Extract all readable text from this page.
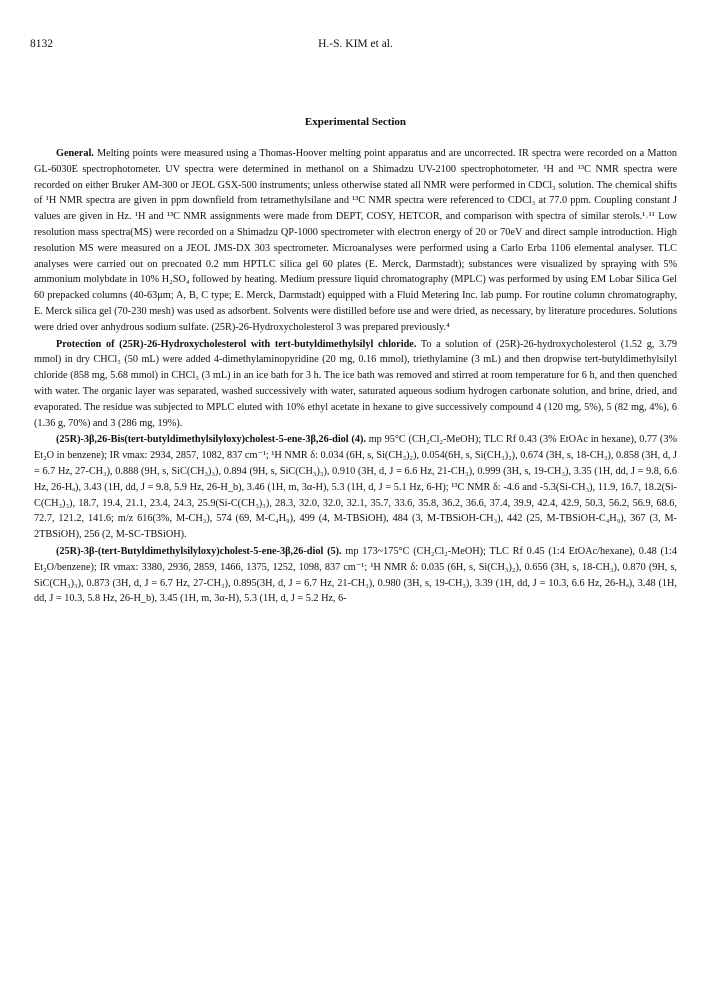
8132	H.-S. KIM et al.
Experimental Section

General. Melting points were measured using a Thomas-Hoover melting point apparatus and are uncorrected. IR spectra were recorded on a Matton GL-6030E spectrophotometer. UV spectra were determined in methanol on a Shimadzu UV-2100 spectrophotometer. ¹H and ¹³C NMR spectra were recorded on either Bruker AM-300 or JEOL GSX-500 instruments; unless otherwise stated all NMR were performed in CDCl₃ solution. The chemical shifts of ¹H NMR spectra are given in ppm downfield from tetramethylsilane and ¹³C NMR spectra were referenced to CDCl₃ at 77.0 ppm. Coupling constant J values are given in Hz. ¹H and ¹³C NMR assignments were made from DEPT, COSY, HETCOR, and comparison with spectra of similar sterols.¹˒¹¹ Low resolution mass spectra(MS) were recorded on a Shimadzu QP-1000 spectrometer with electron energy of 20 or 70eV and direct sample introduction. High resolution MS were measured on a JEOL JMS-DX 303 spectrometer. Microanalyses were performed using a Carlo Erba 1106 elemental analyser. TLC analyses were carried out on precoated 0.2 mm HPTLC silica gel 60 plates (E. Merck, Darmstadt); substances were visualized by spraying with 5% ammonium molybdate in 10% H₂SO₄ followed by heating. Medium pressure liquid chromatography (MPLC) was performed by using EM Lobar Silica Gel 60 prepacked columns (40-63μm; A, B, C type; E. Merck, Darmstadt) equipped with a Fluid Metering Inc. lab pump. For routine column chromatography, E. Merck silica gel (70-230 mesh) was used as adsorbent. Solvents were distilled before use and were dried, as necessary, by literature procedures. Solutions were dried over anhydrous sodium sulfate. (25R)-26-Hydroxycholesterol 3 was prepared previously.⁴

Protection of (25R)-26-Hydroxycholesterol with tert-butyldimethylsilyl chloride. To a solution of (25R)-26-hydroxycholesterol (1.52 g, 3.79 mmol) in dry CHCl₃ (50 mL) were added 4-dimethylaminopyridine (20 mg, 0.16 mmol), triethylamine (3 mL) and then dropwise tert-butyldimethylsilyl chloride (858 mg, 5.68 mmol) in CHCl₃ (3 mL) in an ice bath for 3 h. The ice bath was removed and stirred at room temperature for 6 h, and then quenched with water. The organic layer was separated, washed successively with water, saturated aqueous sodium hydrogen carbonate solution, and brine, dried, and evaporated. The residue was subjected to MPLC eluted with 10% ethyl acetate in hexane to give successively compound 4 (120 mg, 5%), 5 (82 mg, 4%), 6 (1.36 g, 70%) and 3 (286 mg, 19%).

(25R)-3β,26-Bis(tert-butyldimethylsilyloxy)cholest-5-ene-3β,26-diol (4). mp 95°C (CH₂Cl₂-MeOH); TLC Rf 0.43 (3% EtOAc in hexane), 0.77 (3% Et₂O in benzene); IR νmax: 2934, 2857, 1082, 837 cm⁻¹; ¹H NMR δ: 0.034 (6H, s, Si(CH₃)₂), 0.054(6H, s, Si(CH₃)₂), 0.674 (3H, s, 18-CH₃), 0.858 (3H, d, J = 6.7 Hz, 27-CH₃), 0.888 (9H, s, SiC(CH₃)₃), 0.894 (9H, s, SiC(CH₃)₃), 0.910 (3H, d, J = 6.6 Hz, 21-CH₃), 0.999 (3H, s, 19-CH₃), 3.35 (1H, dd, J = 9.8, 6.6 Hz, 26-Hₐ), 3.43 (1H, dd, J = 9.8, 5.9 Hz, 26-H_b), 3.46 (1H, m, 3α-H), 5.3 (1H, d, J = 5.1 Hz, 6-H); ¹³C NMR δ: -4.6 and -5.3(Si-CH₃), 11.9, 16.7, 18.2(Si-C(CH₃)₃), 18.7, 19.4, 21.1, 23.4, 24.3, 25.9(Si-C(CH₃)₃), 28.3, 32.0, 32.0, 32.1, 35.7, 33.6, 35.8, 36.2, 36.6, 37.4, 39.9, 42.4, 42.9, 50.3, 56.2, 56.9, 68.6, 72.7, 121.2, 141.6; m/z 616(3%, M-CH₃), 574 (69, M-C₄H₉), 499 (4, M-TBSiOH), 484 (3, M-TBSiOH-CH₃), 442 (25, M-TBSiOH-C₄H₉), 367 (3, M-2TBSiOH), 256 (2, M-SC-TBSiOH).

(25R)-3β-(tert-Butyldimethylsilyloxy)cholest-5-ene-3β,26-diol (5). mp 173~175°C (CH₂Cl₂-MeOH); TLC Rf 0.45 (1:4 EtOAc/hexane), 0.48 (1:4 Et₂O/benzene); IR νmax: 3380, 2936, 2859, 1466, 1375, 1252, 1098, 837 cm⁻¹; ¹H NMR δ: 0.035 (6H, s, Si(CH₃)₂), 0.656 (3H, s, 18-CH₃), 0.870 (9H, s, SiC(CH₃)₃), 0.873 (3H, d, J = 6.7 Hz, 27-CH₃), 0.895(3H, d, J = 6.7 Hz, 21-CH₃), 0.980 (3H, s, 19-CH₃), 3.39 (1H, dd, J = 10.3, 6.6 Hz, 26-Hₐ), 3.48 (1H, dd, J = 10.3, 5.8 Hz, 26-H_b), 3.45 (1H, m, 3α-H), 5.3 (1H, d, J = 5.2 Hz, 6-
